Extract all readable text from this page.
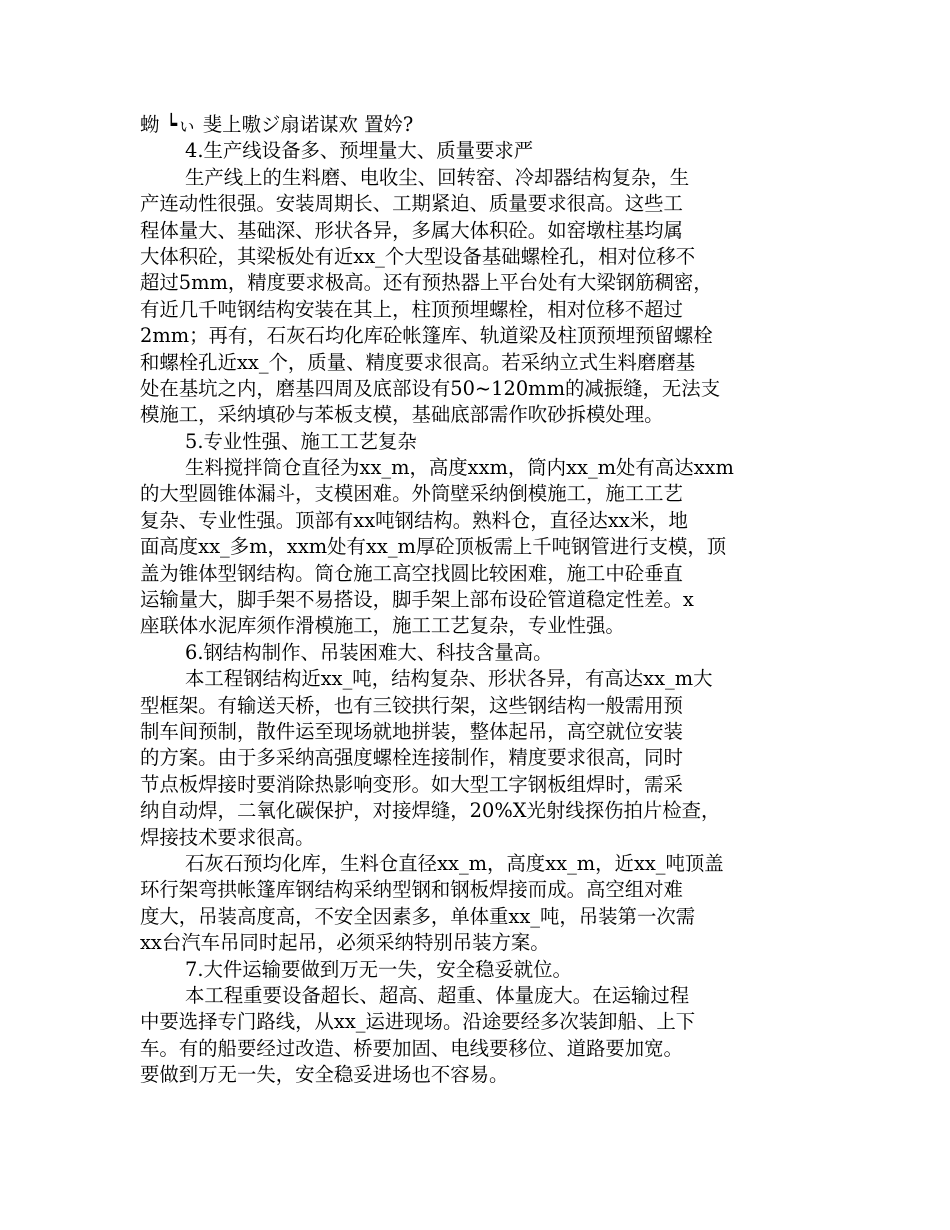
蚴 ┕ぃ 斐上嗷ジ扇诺谋欢 置妗?
4.生产线设备多、预埋量大、质量要求严
生产线上的生料磨、电收尘、回转窑、冷却器结构复杂，生
产连动性很强。安装周期长、工期紧迫、质量要求很高。这些工
程体量大、基础深、形状各异，多属大体积砼。如窑墩柱基均属
大体积砼，其梁板处有近xx_个大型设备基础螺栓孔，相对位移不
超过5mm，精度要求极高。还有预热器上平台处有大梁钢筋稠密，
有近几千吨钢结构安装在其上，柱顶预埋螺栓，相对位移不超过
2mm；再有，石灰石均化库砼帐篷库、轨道梁及柱顶预埋预留螺栓
和螺栓孔近xx_个，质量、精度要求很高。若采纳立式生料磨磨基
处在基坑之内，磨基四周及底部设有50~120mm的减振缝，无法支
模施工，采纳填砂与苯板支模，基础底部需作吹砂拆模处理。
5.专业性强、施工工艺复杂
生料搅拌筒仓直径为xx_m，高度xxm，筒内xx_m处有高达xxm
的大型圆锥体漏斗，支模困难。外筒壁采纳倒模施工，施工工艺
复杂、专业性强。顶部有xx吨钢结构。熟料仓，直径达xx米，地
面高度xx_多m，xxm处有xx_m厚砼顶板需上千吨钢管进行支模，顶
盖为锥体型钢结构。筒仓施工高空找圆比较困难，施工中砼垂直
运输量大，脚手架不易搭设，脚手架上部布设砼管道稳定性差。x
座联体水泥库须作滑模施工，施工工艺复杂，专业性强。
6.钢结构制作、吊装困难大、科技含量高。
本工程钢结构近xx_吨，结构复杂、形状各异，有高达xx_m大
型框架。有输送天桥，也有三铰拱行架，这些钢结构一般需用预
制车间预制，散件运至现场就地拼装，整体起吊，高空就位安装
的方案。由于多采纳高强度螺栓连接制作，精度要求很高，同时
节点板焊接时要消除热影响变形。如大型工字钢板组焊时，需采
纳自动焊，二氧化碳保护，对接焊缝，20%X光射线探伤拍片检查，
焊接技术要求很高。
石灰石预均化库，生料仓直径xx_m，高度xx_m，近xx_吨顶盖
环行架弯拱帐篷库钢结构采纳型钢和钢板焊接而成。高空组对难
度大，吊装高度高，不安全因素多，单体重xx_吨，吊装第一次需
xx台汽车吊同时起吊，必须采纳特别吊装方案。
7.大件运输要做到万无一失，安全稳妥就位。
本工程重要设备超长、超高、超重、体量庞大。在运输过程
中要选择专门路线，从xx_运进现场。沿途要经多次装卸船、上下
车。有的船要经过改造、桥要加固、电线要移位、道路要加宽。
要做到万无一失，安全稳妥进场也不容易。
